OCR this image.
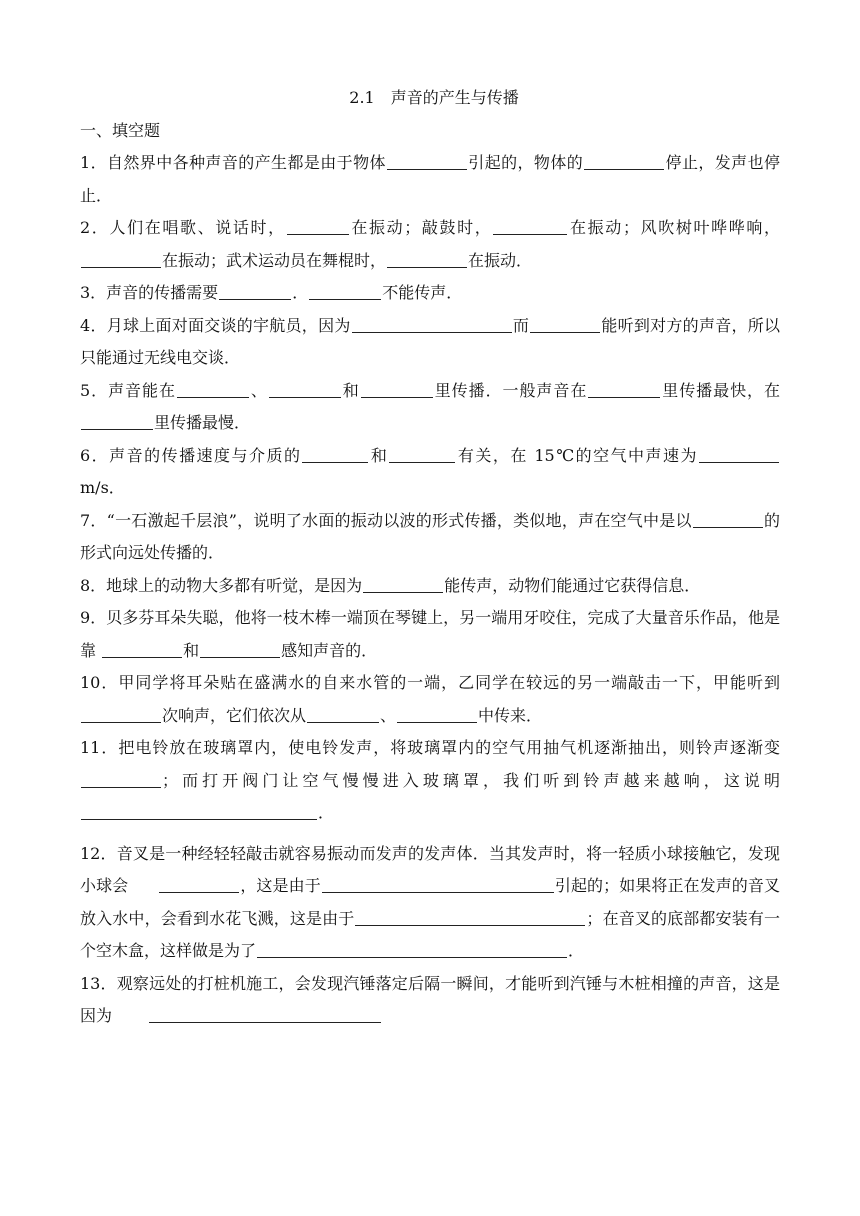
2.1　声音的产生与传播

一、填空题

1．自然界中各种声音的产生都是由于物体	引起的，物体的	停止，发声也停止．

2．人们在唱歌、说话时，	在振动；敲鼓时，	在振动；风吹树叶哗哗响，在振动；武术运动员在舞棍时，	在振动．

3．声音的传播需要	．	不能传声．

4．月球上面对面交谈的宇航员，因为	而	能听到对方的声音，所以只能通过无线电交谈．

5．声音能在	、	和	里传播．一般声音在	里传播最快，在里传播最慢．

6．声音的传播速度与介质的	和	有关，在 15℃的空气中声速为m/s．

7．“一石激起千层浪”，说明了水面的振动以波的形式传播，类似地，声在空气中是以	的形式向远处传播的．

8．地球上的动物大多都有听觉，是因为	能传声，动物们能通过它获得信息．

9．贝多芬耳朵失聪，他将一枝木棒一端顶在琴键上，另一端用牙咬住，完成了大量音乐作品，他是靠	和	感知声音的．

10．甲同学将耳朵贴在盛满水的自来水管的一端，乙同学在较远的另一端敲击一下，甲能听到次响声，它们依次从	、	中传来．

11．把电铃放在玻璃罩内，使电铃发声，将玻璃罩内的空气用抽气机逐渐抽出，则铃声逐渐变；而打开阀门让空气慢慢进入玻璃罩，我们听到铃声越来越响，这说明．

12．音叉是一种经轻轻敲击就容易振动而发声的发声体．当其发声时，将一轻质小球接触它，发现小球会	，这是由于	引起的；如果将正在发声的音叉放入水中，会看到水花飞溅，这是由于	；在音叉的底部都安装有一个空木盒，这样做是为了	．

13．观察远处的打桩机施工，会发现汽锤落定后隔一瞬间，才能听到汽锤与木桩相撞的声音，这是因为
